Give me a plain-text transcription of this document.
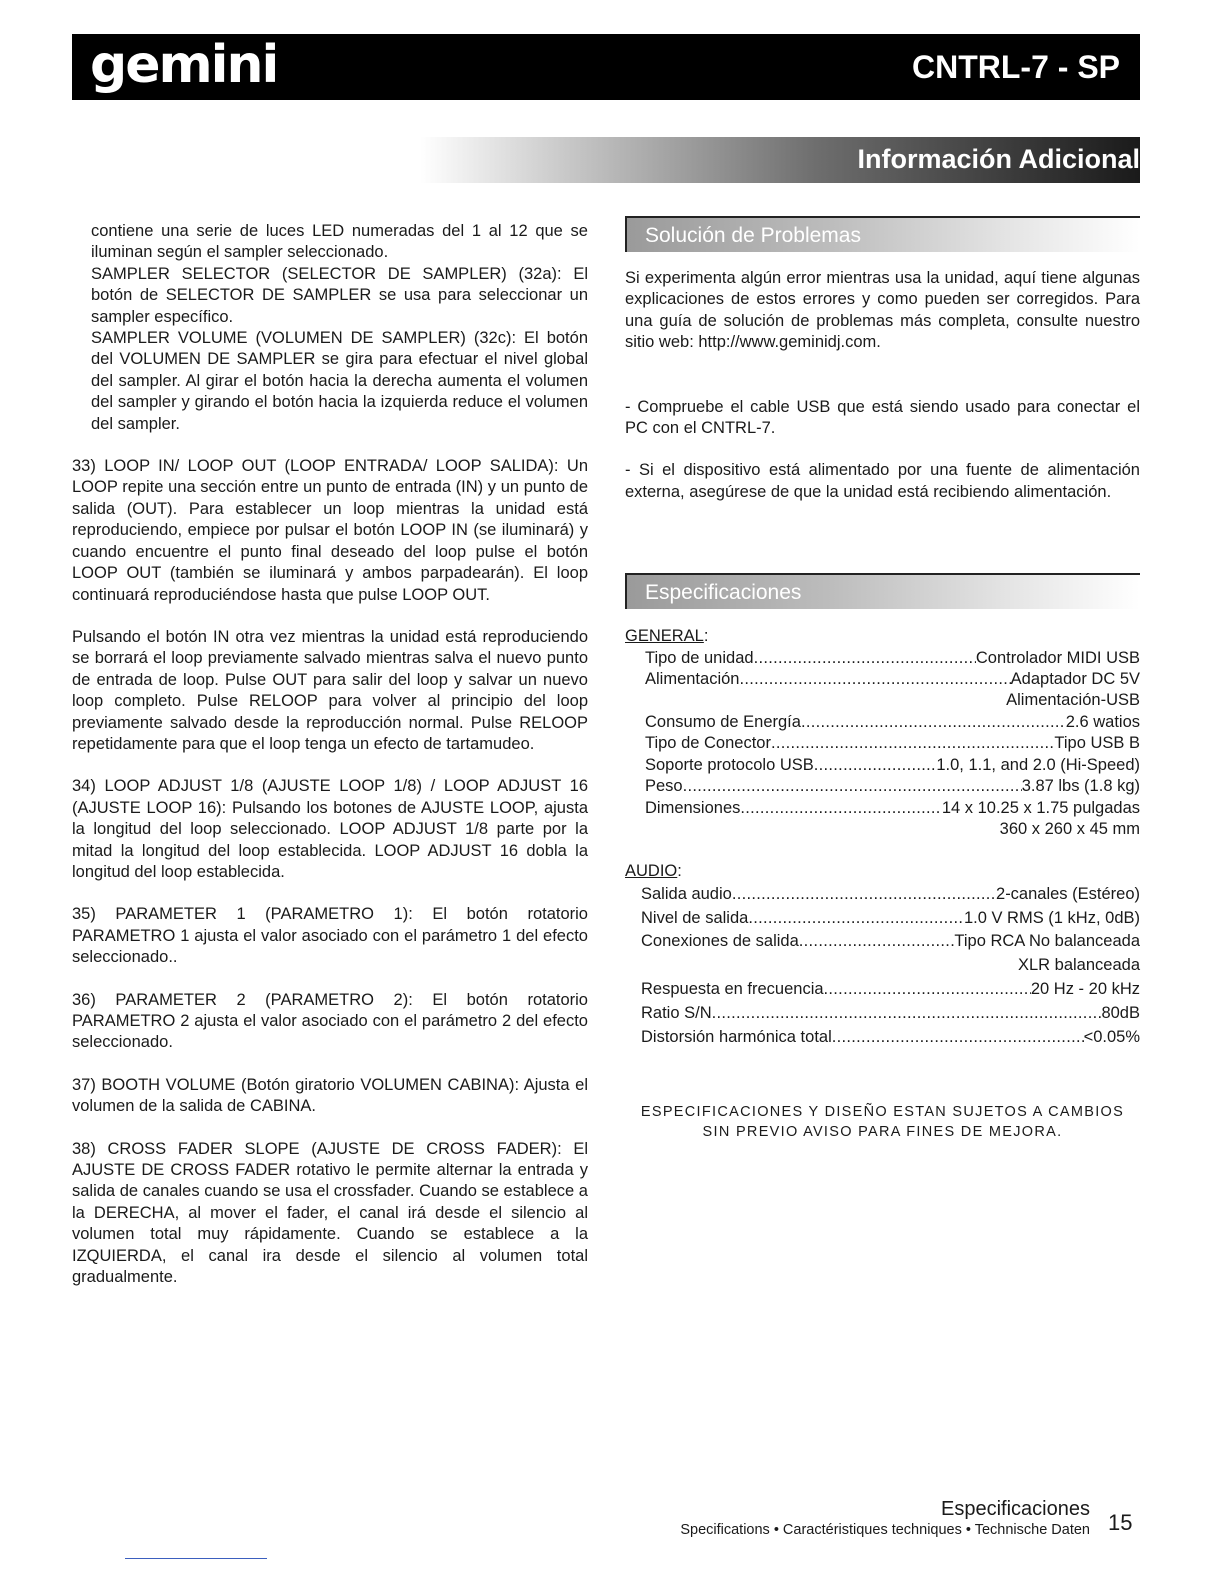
gemini	CNTRL-7 - SP
Información Adicional

contiene una serie de luces LED numeradas del 1 al 12 que se iluminan según el sampler seleccionado.

SAMPLER SELECTOR (SELECTOR DE SAMPLER) (32a): El botón de SELECTOR DE SAMPLER se usa para seleccionar un sampler específico.

SAMPLER VOLUME (VOLUMEN DE SAMPLER) (32c): El botón del VOLUMEN DE SAMPLER se gira para efectuar el nivel global del sampler. Al girar el botón hacia la derecha aumenta el volumen del sampler y girando el botón hacia la izquierda reduce el volumen del sampler.

33) LOOP IN/ LOOP OUT (LOOP ENTRADA/ LOOP SALIDA): Un LOOP repite una sección entre un punto de entrada (IN) y un punto de salida (OUT). Para establecer un loop mientras la unidad está reproduciendo, empiece por pulsar el botón LOOP IN (se iluminará) y cuando encuentre el punto final deseado del loop pulse el botón LOOP OUT (también se iluminará y ambos parpadearán). El loop continuará reproduciéndose hasta que pulse LOOP OUT.

Pulsando el botón IN otra vez mientras la unidad está reproduciendo se borrará el loop previamente salvado mientras salva el nuevo punto de entrada de loop. Pulse OUT para salir del loop y salvar un nuevo loop completo. Pulse RELOOP para volver al principio del loop previamente salvado desde la reproducción normal. Pulse RELOOP repetidamente para que el loop tenga un efecto de tartamudeo.

34) LOOP ADJUST 1/8 (AJUSTE LOOP 1/8) / LOOP ADJUST 16 (AJUSTE LOOP 16): Pulsando los botones de AJUSTE LOOP, ajusta la longitud del loop seleccionado. LOOP ADJUST 1/8 parte por la mitad la longitud del loop establecida. LOOP ADJUST 16 dobla la longitud del loop establecida.

35) PARAMETER 1 (PARAMETRO 1): El botón rotatorio PARAMETRO 1 ajusta el valor asociado con el parámetro 1 del efecto seleccionado..

36) PARAMETER 2 (PARAMETRO 2): El botón rotatorio PARAMETRO 2 ajusta el valor asociado con el parámetro 2 del efecto seleccionado.

37) BOOTH VOLUME (Botón giratorio VOLUMEN CABINA): Ajusta el volumen de la salida de CABINA.

38) CROSS FADER SLOPE (AJUSTE DE CROSS FADER): El AJUSTE DE CROSS FADER rotativo le permite alternar la entrada y salida de canales cuando se usa el crossfader. Cuando se establece a la DERECHA, al mover el fader, el canal irá desde el silencio al volumen total muy rápidamente. Cuando se establece a la IZQUIERDA, el canal ira desde el silencio al volumen total gradualmente.

Solución de Problemas

Si experimenta algún error mientras usa la unidad, aquí tiene algunas explicaciones de estos errores y como pueden ser corregidos. Para una guía de solución de problemas más completa, consulte nuestro sitio web: http://www.geminidj.com.

- Compruebe el cable USB que está siendo usado para conectar el PC con el CNTRL-7.

- Si el dispositivo está alimentado por una fuente de alimentación externa, asegúrese de que la unidad está recibiendo alimentación.

Especificaciones

GENERAL:

Tipo de unidad .....	Controlador MIDI USB
Alimentación .....	Adaptador DC 5V
Alimentación-USB
Consumo de Energía .....	2.6 watios
Tipo de Conector .....	Tipo USB B
Soporte protocolo USB .....	1.0, 1.1, and 2.0 (Hi-Speed)
Peso .....	3.87 lbs (1.8 kg)
Dimensiones .....	14 x 10.25 x 1.75 pulgadas
360 x 260 x 45 mm

AUDIO:

Salida audio .....	2-canales (Estéreo)
Nivel de salida .....	1.0 V RMS (1 kHz, 0dB)
Conexiones de salida .....	Tipo RCA No balanceada
XLR balanceada
Respuesta en frecuencia .....	20 Hz - 20 kHz
Ratio S/N .....	80dB
Distorsión harmónica total .....	<0.05%
ESPECIFICACIONES Y DISEÑO ESTAN SUJETOS A CAMBIOS
SIN PREVIO AVISO PARA FINES DE MEJORA.
Especificaciones
Specifications • Caractéristiques techniques • Technische Daten 15
